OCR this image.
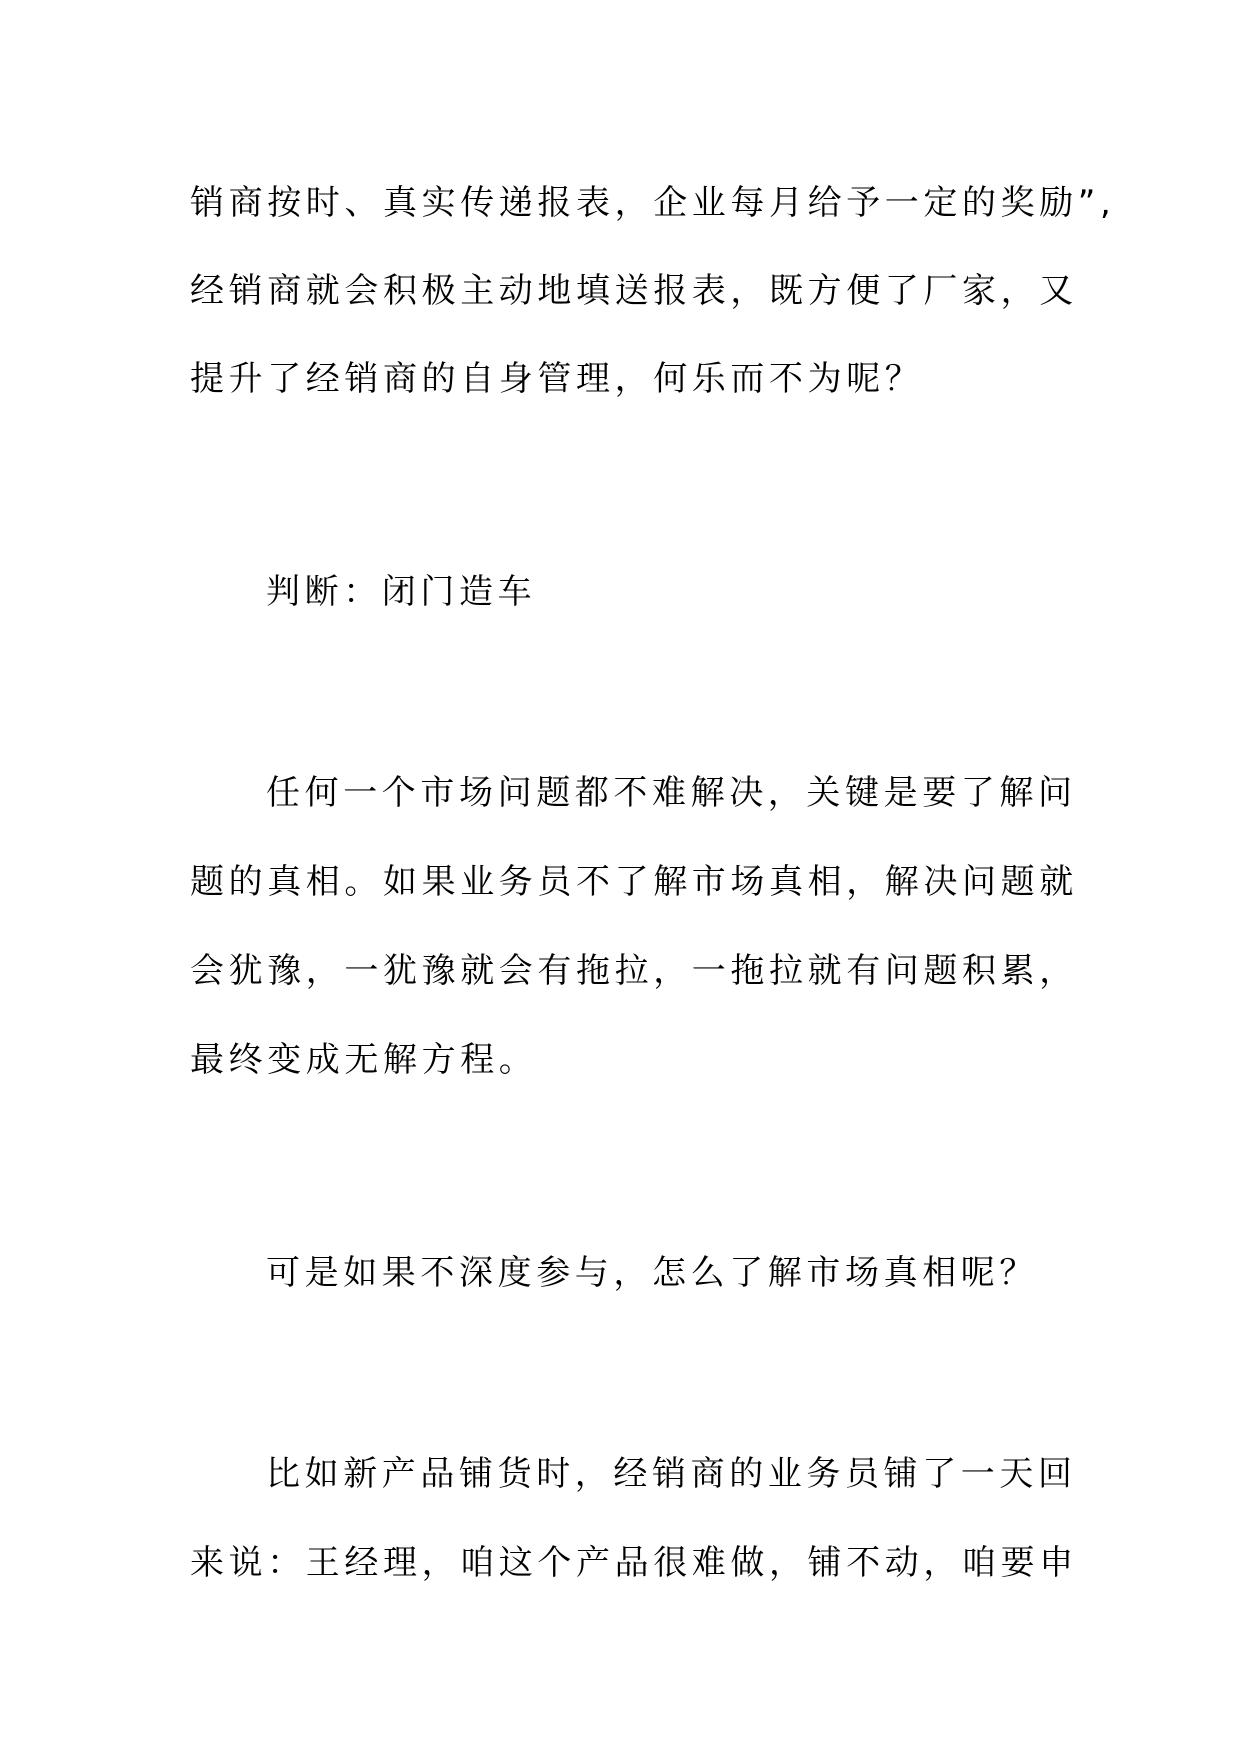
销商按时、真实传递报表，企业每月给予一定的奖励”,
经销商就会积极主动地填送报表，既方便了厂家，又
提升了经销商的自身管理，何乐而不为呢？
判断：闭门造车
任何一个市场问题都不难解决，关键是要了解问
题的真相。如果业务员不了解市场真相，解决问题就
会犹豫，一犹豫就会有拖拉，一拖拉就有问题积累，
最终变成无解方程。
可是如果不深度参与，怎么了解市场真相呢？
比如新产品铺货时，经销商的业务员铺了一天回
来说：王经理，咱这个产品很难做，铺不动，咱要申
